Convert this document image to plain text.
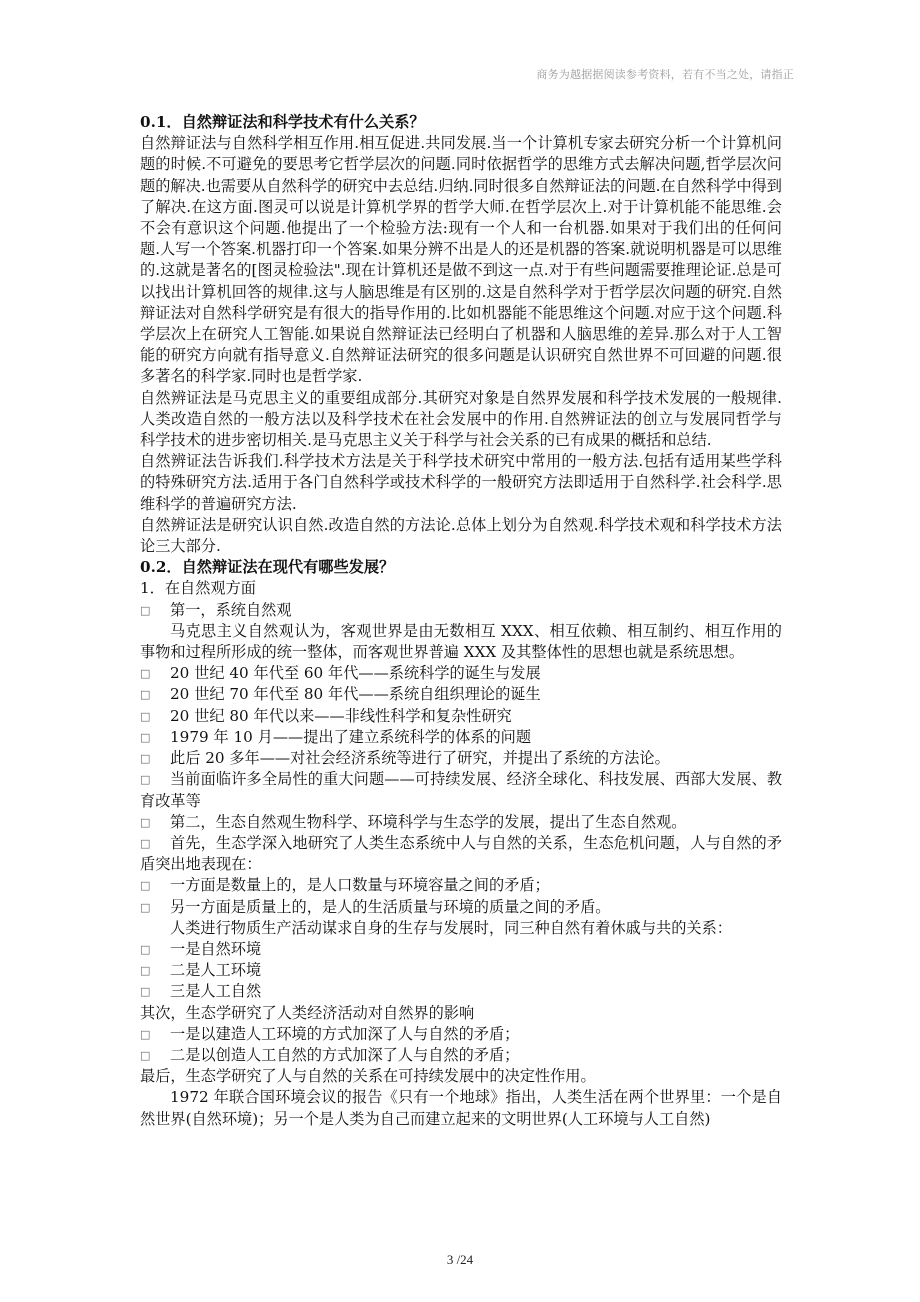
商务为越据据阅读参考资料，若有不当之处，请指正

0.1．自然辩证法和科学技术有什么关系？

自然辩证法与自然科学相互作用.相互促进.共同发展.当一个计算机专家去研究分析一个计算机问题的时候.不可避免的要思考它哲学层次的问题.同时依据哲学的思维方式去解决问题,哲学层次问题的解决.也需要从自然科学的研究中去总结.归纳.同时很多自然辩证法的问题.在自然科学中得到了解决.在这方面.图灵可以说是计算机学界的哲学大师.在哲学层次上.对于计算机能不能思维.会不会有意识这个问题.他提出了一个检验方法:现有一个人和一台机器.如果对于我们出的任何问题.人写一个答案.机器打印一个答案.如果分辨不出是人的还是机器的答案.就说明机器是可以思维的.这就是著名的[图灵检验法".现在计算机还是做不到这一点.对于有些问题需要推理论证.总是可以找出计算机回答的规律.这与人脑思维是有区别的.这是自然科学对于哲学层次问题的研究.自然辩证法对自然科学研究是有很大的指导作用的.比如机器能不能思维这个问题.对应于这个问题.科学层次上在研究人工智能.如果说自然辩证法已经明白了机器和人脑思维的差异.那么对于人工智能的研究方向就有指导意义.自然辩证法研究的很多问题是认识研究自然世界不可回避的问题.很多著名的科学家.同时也是哲学家.

自然辨证法是马克思主义的重要组成部分.其研究对象是自然界发展和科学技术发展的一般规律.人类改造自然的一般方法以及科学技术在社会发展中的作用.自然辨证法的创立与发展同哲学与科学技术的进步密切相关.是马克思主义关于科学与社会关系的已有成果的概括和总结.

自然辨证法告诉我们.科学技术方法是关于科学技术研究中常用的一般方法.包括有适用某些学科的特殊研究方法.适用于各门自然科学或技术科学的一般研究方法即适用于自然科学.社会科学.思维科学的普遍研究方法.

自然辨证法是研究认识自然.改造自然的方法论.总体上划分为自然观.科学技术观和科学技术方法论三大部分.

0.2．自然辩证法在现代有哪些发展？

1．在自然观方面

□	第一，系统自然观

马克思主义自然观认为，客观世界是由无数相互 XXX、相互依赖、相互制约、相互作用的事物和过程所形成的统一整体，而客观世界普遍 XXX 及其整体性的思想也就是系统思想。

□	20 世纪 40 年代至 60 年代——系统科学的诞生与发展
□	20 世纪 70 年代至 80 年代——系统自组织理论的诞生
□	20 世纪 80 年代以来——非线性科学和复杂性研究
□	1979 年 10 月——提出了建立系统科学的体系的问题
□	此后 20 多年——对社会经济系统等进行了研究，并提出了系统的方法论。
□	当前面临许多全局性的重大问题——可持续发展、经济全球化、科技发展、西部大发展、教育改革等

□	第二，生态自然观生物科学、环境科学与生态学的发展，提出了生态自然观。
□	首先，生态学深入地研究了人类生态系统中人与自然的关系，生态危机问题，人与自然的矛盾突出地表现在：

□	一方面是数量上的，是人口数量与环境容量之间的矛盾；
□	另一方面是质量上的，是人的生活质量与环境的质量之间的矛盾。

人类进行物质生产活动谋求自身的生存与发展时，同三种自然有着休戚与共的关系：

□	一是自然环境
□	二是人工环境
□	三是人工自然

其次，生态学研究了人类经济活动对自然界的影响

□	一是以建造人工环境的方式加深了人与自然的矛盾；
□	二是以创造人工自然的方式加深了人与自然的矛盾；

最后，生态学研究了人与自然的关系在可持续发展中的决定性作用。

1972 年联合国环境会议的报告《只有一个地球》指出，人类生活在两个世界里：一个是自然世界(自然环境)；另一个是人类为自己而建立起来的文明世界(人工环境与人工自然)

3 /24
